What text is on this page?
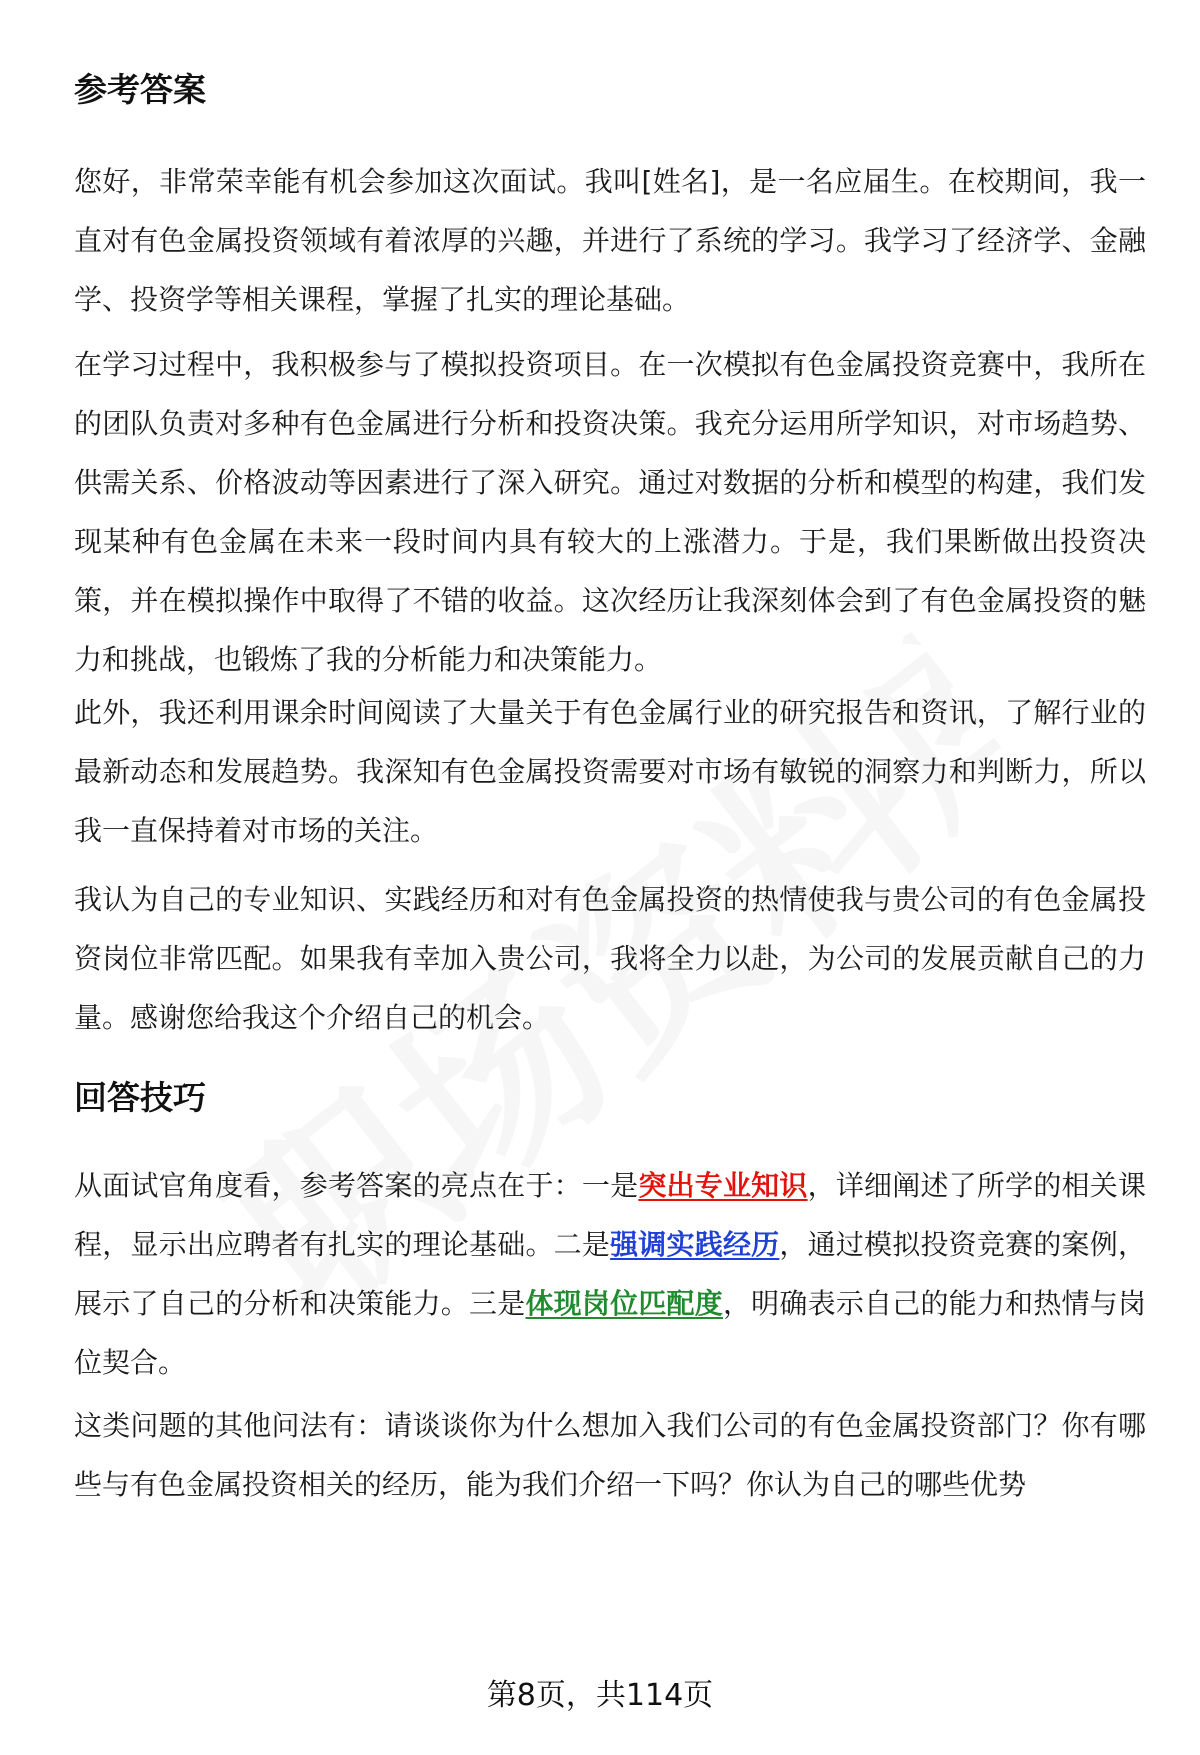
参考答案

您好，非常荣幸能有机会参加这次面试。我叫[姓名]，是一名应届生。在校期间，我一直对有色金属投资领域有着浓厚的兴趣，并进行了系统的学习。我学习了经济学、金融学、投资学等相关课程，掌握了扎实的理论基础。

在学习过程中，我积极参与了模拟投资项目。在一次模拟有色金属投资竞赛中，我所在的团队负责对多种有色金属进行分析和投资决策。我充分运用所学知识，对市场趋势、供需关系、价格波动等因素进行了深入研究。通过对数据的分析和模型的构建，我们发现某种有色金属在未来一段时间内具有较大的上涨潜力。于是，我们果断做出投资决策，并在模拟操作中取得了不错的收益。这次经历让我深刻体会到了有色金属投资的魅力和挑战，也锻炼了我的分析能力和决策能力。

此外，我还利用课余时间阅读了大量关于有色金属行业的研究报告和资讯，了解行业的最新动态和发展趋势。我深知有色金属投资需要对市场有敏锐的洞察力和判断力，所以我一直保持着对市场的关注。

我认为自己的专业知识、实践经历和对有色金属投资的热情使我与贵公司的有色金属投资岗位非常匹配。如果我有幸加入贵公司，我将全力以赴，为公司的发展贡献自己的力量。感谢您给我这个介绍自己的机会。

回答技巧

从面试官角度看，参考答案的亮点在于：一是突出专业知识，详细阐述了所学的相关课程，显示出应聘者有扎实的理论基础。二是强调实践经历，通过模拟投资竞赛的案例，展示了自己的分析和决策能力。三是体现岗位匹配度，明确表示自己的能力和热情与岗位契合。

这类问题的其他问法有：请谈谈你为什么想加入我们公司的有色金属投资部门？你有哪些与有色金属投资相关的经历，能为我们介绍一下吗？你认为自己的哪些优势

第8页，共114页
